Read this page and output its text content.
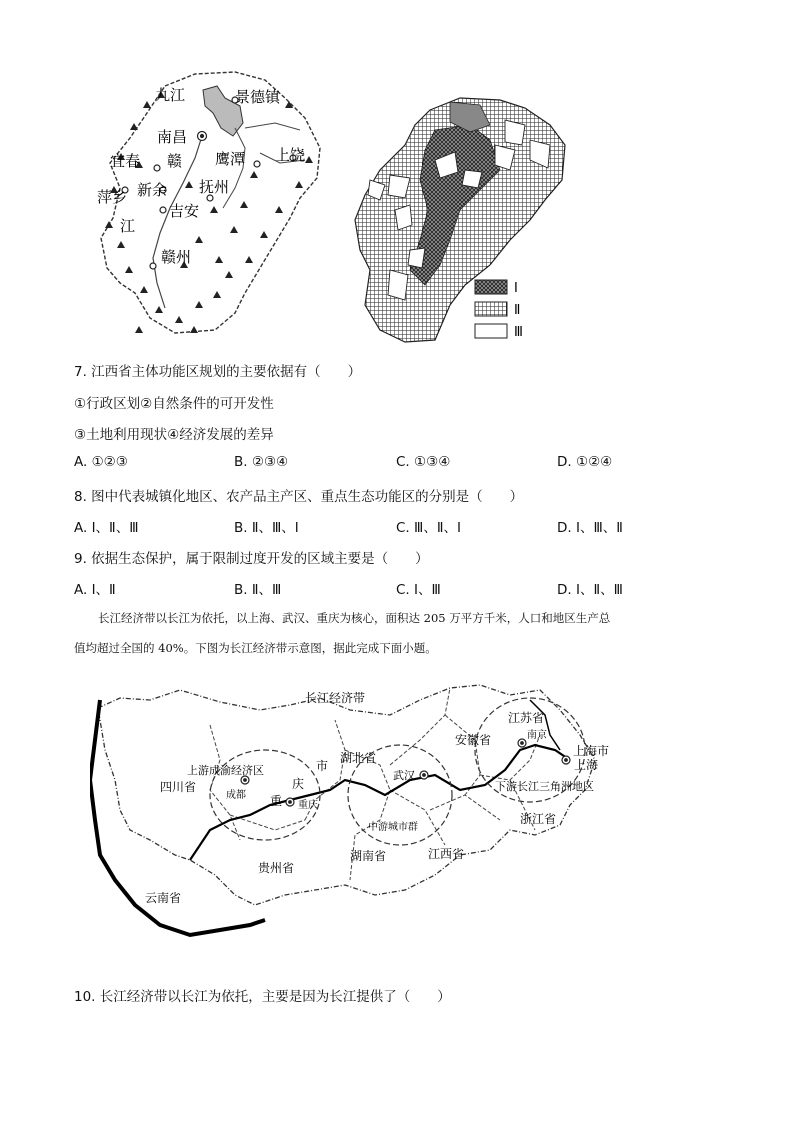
九江	景德镇
南昌
赣
宜春	鹰潭 上饶
萍乡 新余 抚州
吉安
江
赣州
Ⅰ
Ⅱ
Ⅲ
7. 江西省主体功能区规划的主要依据有（　　）
①行政区划②自然条件的可开发性
③土地利用现状④经济发展的差异
A. ①②③	B. ②③④	C. ①③④	D. ①②④
8. 图中代表城镇化地区、农产品主产区、重点生态功能区的分别是（　　）
A. Ⅰ、Ⅱ、Ⅲ	B. Ⅱ、Ⅲ、Ⅰ	C. Ⅲ、Ⅱ、Ⅰ	D. Ⅰ、Ⅲ、Ⅱ
9. 依据生态保护，属于限制过度开发的区域主要是（　　）
A. Ⅰ、Ⅱ	B. Ⅱ、Ⅲ	C. Ⅰ、Ⅲ	D. Ⅰ、Ⅱ、Ⅲ
长江经济带以长江为依托，以上海、武汉、重庆为核心，面积达 205 万平方千米，人口和地区生产总
值均超过全国的 40%。下图为长江经济带示意图，据此完成下面小题。
长江经济带
江苏省
安徽省	南京
上海市
上海
湖北省
武汉
市
上游成渝经济区
四川省
成都
庆
重 重庆
下游长江三角洲地区
中游城市群
浙江省
贵州省
湖南省	江西省
云南省
10. 长江经济带以长江为依托，主要是因为长江提供了（　　）
